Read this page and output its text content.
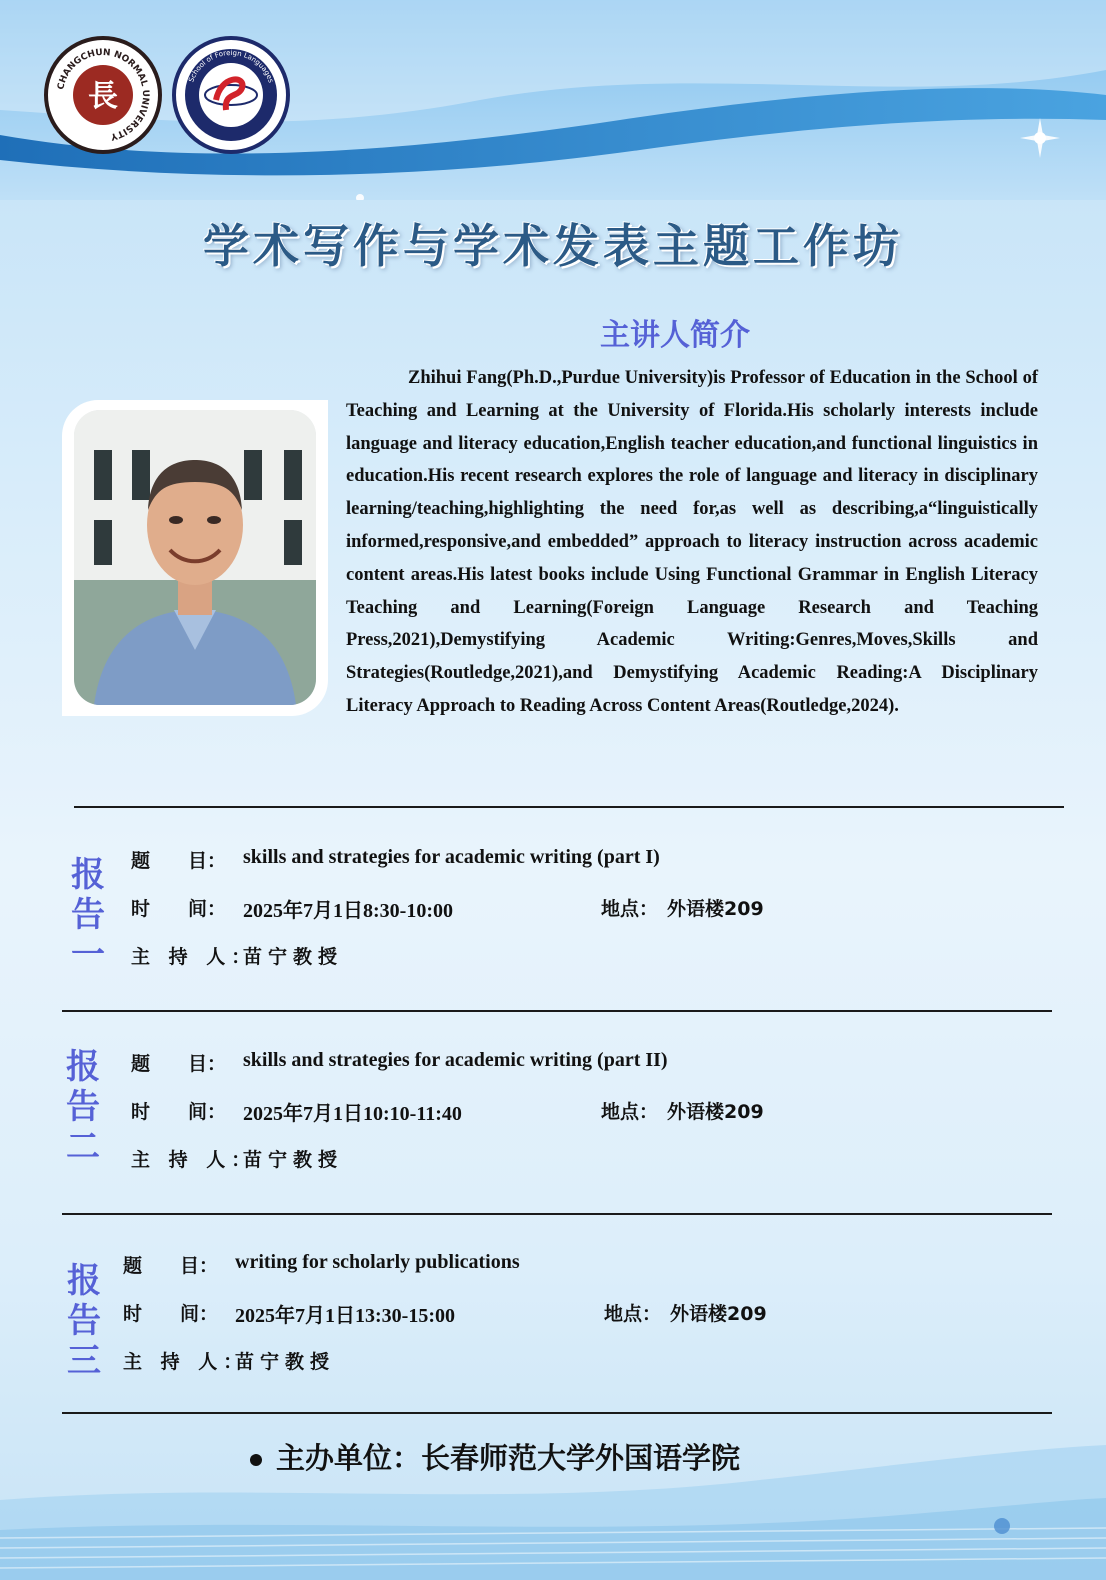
長
CHANGCHUN NORMAL UNIVERSITY
School of Foreign Languages
学术写作与学术发表主题工作坊
主讲人简介
Zhihui Fang(Ph.D.,Purdue University)is Professor of Education in the School of Teaching and Learning at the University of Florida.His scholarly interests include language and literacy education,English teacher education,and functional linguistics in education.His recent research explores the role of language and literacy in disciplinary learning/teaching,highlighting the need for,as well as describing,a“linguistically informed,responsive,and embedded” approach to literacy instruction across academic content areas.His latest books include Using Functional Grammar in English Literacy Teaching and Learning(Foreign Language Research and Teaching Press,2021),Demystifying Academic Writing:Genres,Moves,Skills and Strategies(Routledge,2021),and Demystifying Academic Reading:A Disciplinary Literacy Approach to Reading Across Content Areas(Routledge,2024).
报
告
一
题　　目： skills and strategies for academic writing (part I)
时　　间： 2025年7月1日8:30-10:00	地点： 外语楼209
主 持 人：
苗宁教授
报
告
二
题　　目： skills and strategies for academic writing (part II)
时　　间： 2025年7月1日10:10-11:40	地点： 外语楼209
主 持 人：
苗宁教授
报
告
三
题　　目： writing for scholarly publications
时　　间： 2025年7月1日13:30-15:00	地点： 外语楼209
主 持 人：
苗宁教授
主办单位：长春师范大学外国语学院
